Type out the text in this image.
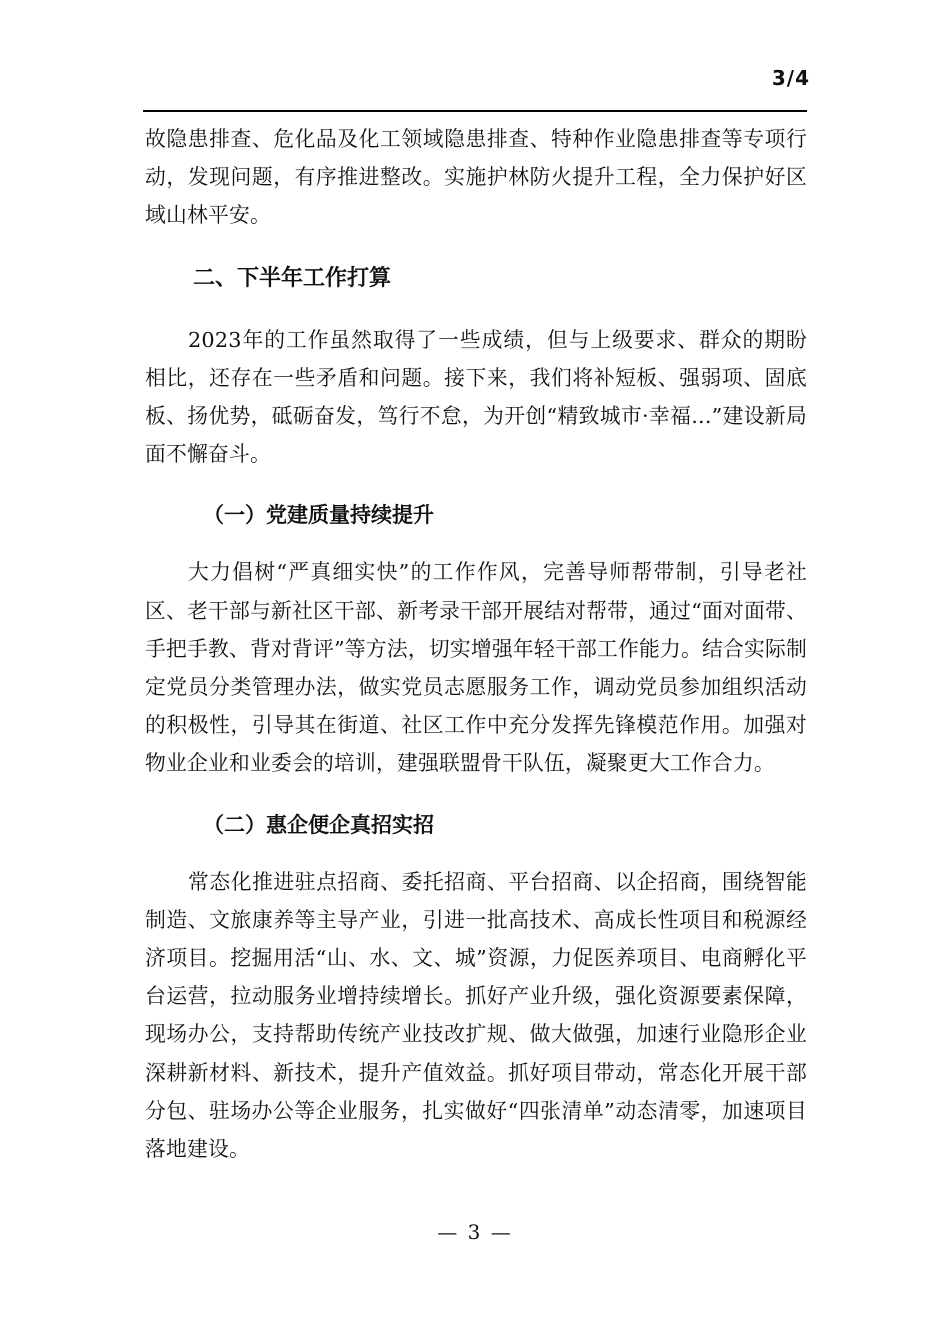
3/4

故隐患排查、危化品及化工领域隐患排查、特种作业隐患排查等专项行动，发现问题，有序推进整改。实施护林防火提升工程，全力保护好区域山林平安。

二、下半年工作打算

2023年的工作虽然取得了一些成绩，但与上级要求、群众的期盼相比，还存在一些矛盾和问题。接下来，我们将补短板、强弱项、固底板、扬优势，砥砺奋发，笃行不怠，为开创“精致城市·幸福...”建设新局面不懈奋斗。

（一）党建质量持续提升

大力倡树“严真细实快”的工作作风，完善导师帮带制，引导老社区、老干部与新社区干部、新考录干部开展结对帮带，通过“面对面带、手把手教、背对背评”等方法，切实增强年轻干部工作能力。结合实际制定党员分类管理办法，做实党员志愿服务工作，调动党员参加组织活动的积极性，引导其在街道、社区工作中充分发挥先锋模范作用。加强对物业企业和业委会的培训，建强联盟骨干队伍，凝聚更大工作合力。

（二）惠企便企真招实招

常态化推进驻点招商、委托招商、平台招商、以企招商，围绕智能制造、文旅康养等主导产业，引进一批高技术、高成长性项目和税源经济项目。挖掘用活“山、水、文、城”资源，力促医养项目、电商孵化平台运营，拉动服务业增持续增长。抓好产业升级，强化资源要素保障，现场办公，支持帮助传统产业技改扩规、做大做强，加速行业隐形企业深耕新材料、新技术，提升产值效益。抓好项目带动，常态化开展干部分包、驻场办公等企业服务，扎实做好“四张清单”动态清零，加速项目落地建设。

— 3 —
